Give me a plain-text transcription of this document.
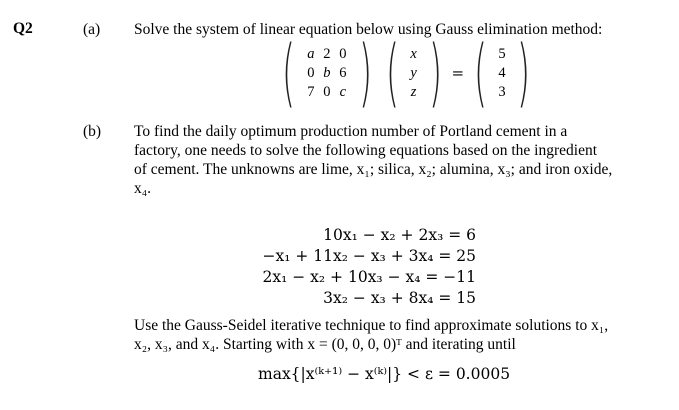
Q2	(a) Solve the system of linear equation below using Gauss elimination method:
( a 2 0
0 b 6
7 0 c ) ( x
y
z ) = ( 5
4
3 )
(b) To find the daily optimum production number of Portland cement in a
factory, one needs to solve the following equations based on the ingredient
of cement. The unknowns are lime, x₁; silica, x₂; alumina, x₃; and iron oxide,
x₄.
10x₁ − x₂ + 2x₃ = 6
−x₁ + 11x₂ − x₃ + 3x₄ = 25
2x₁ − x₂ + 10x₃ − x₄ = −11
3x₂ − x₃ + 8x₄ = 15
Use the Gauss-Seidel iterative technique to find approximate solutions to x₁,
x₂, x₃, and x₄. Starting with x = (0, 0, 0, 0)ᵀ and iterating until
max{|x⁽ᵏ⁺¹⁾ − x⁽ᵏ⁾|} < ε = 0.0005
